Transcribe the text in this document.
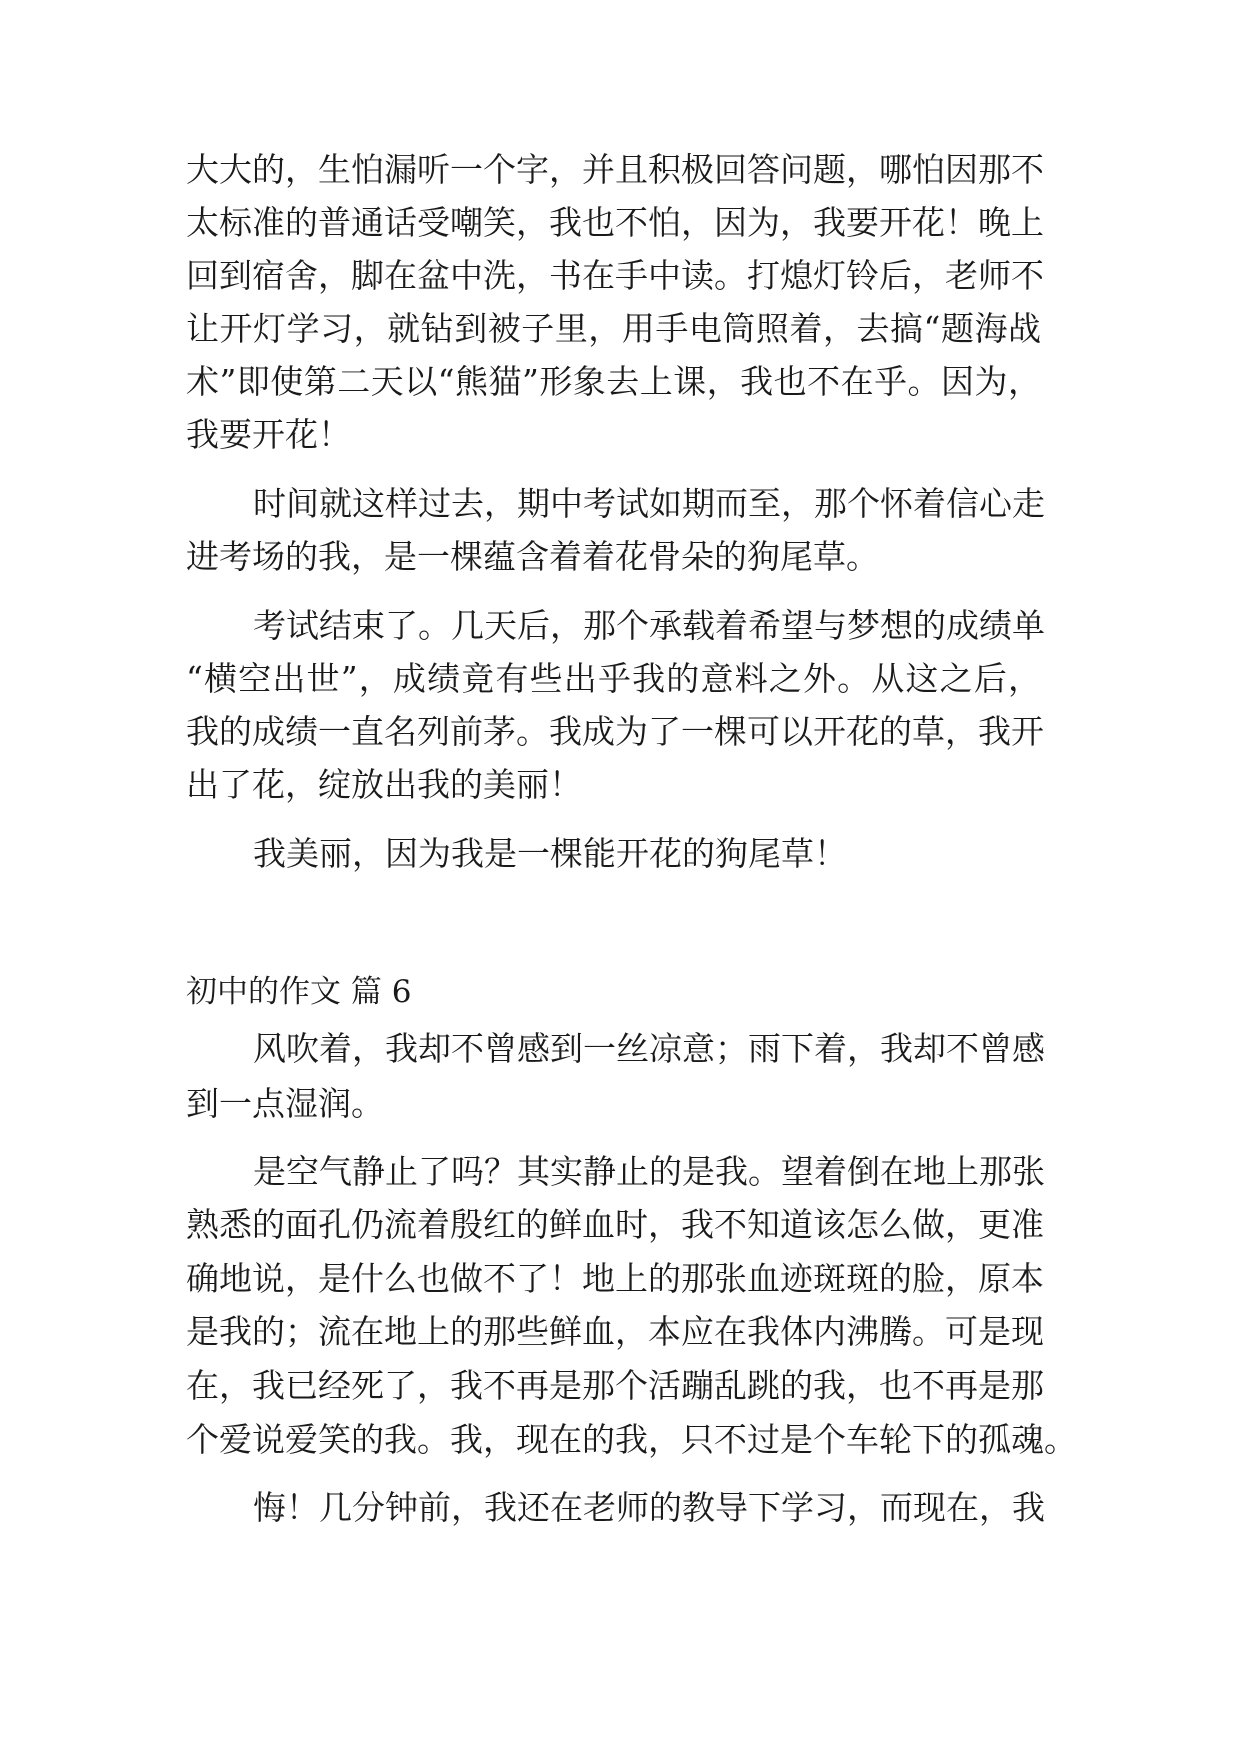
大大的，生怕漏听一个字，并且积极回答问题，哪怕因那不
太标准的普通话受嘲笑，我也不怕，因为，我要开花！晚上
回到宿舍，脚在盆中洗，书在手中读。打熄灯铃后，老师不
让开灯学习，就钻到被子里，用手电筒照着，去搞“题海战
术”即使第二天以“熊猫”形象去上课，我也不在乎。因为，
我要开花！
时间就这样过去，期中考试如期而至，那个怀着信心走
进考场的我，是一棵蕴含着着花骨朵的狗尾草。
考试结束了。几天后，那个承载着希望与梦想的成绩单
“横空出世”，成绩竟有些出乎我的意料之外。从这之后，
我的成绩一直名列前茅。我成为了一棵可以开花的草，我开
出了花，绽放出我的美丽！
我美丽，因为我是一棵能开花的狗尾草！
初中的作文 篇 6
风吹着，我却不曾感到一丝凉意；雨下着，我却不曾感
到一点湿润。
是空气静止了吗？其实静止的是我。望着倒在地上那张
熟悉的面孔仍流着殷红的鲜血时，我不知道该怎么做，更准
确地说，是什么也做不了！地上的那张血迹斑斑的脸，原本
是我的；流在地上的那些鲜血，本应在我体内沸腾。可是现
在，我已经死了，我不再是那个活蹦乱跳的我，也不再是那
个爱说爱笑的我。我，现在的我，只不过是个车轮下的孤魂。
悔！几分钟前，我还在老师的教导下学习，而现在，我
